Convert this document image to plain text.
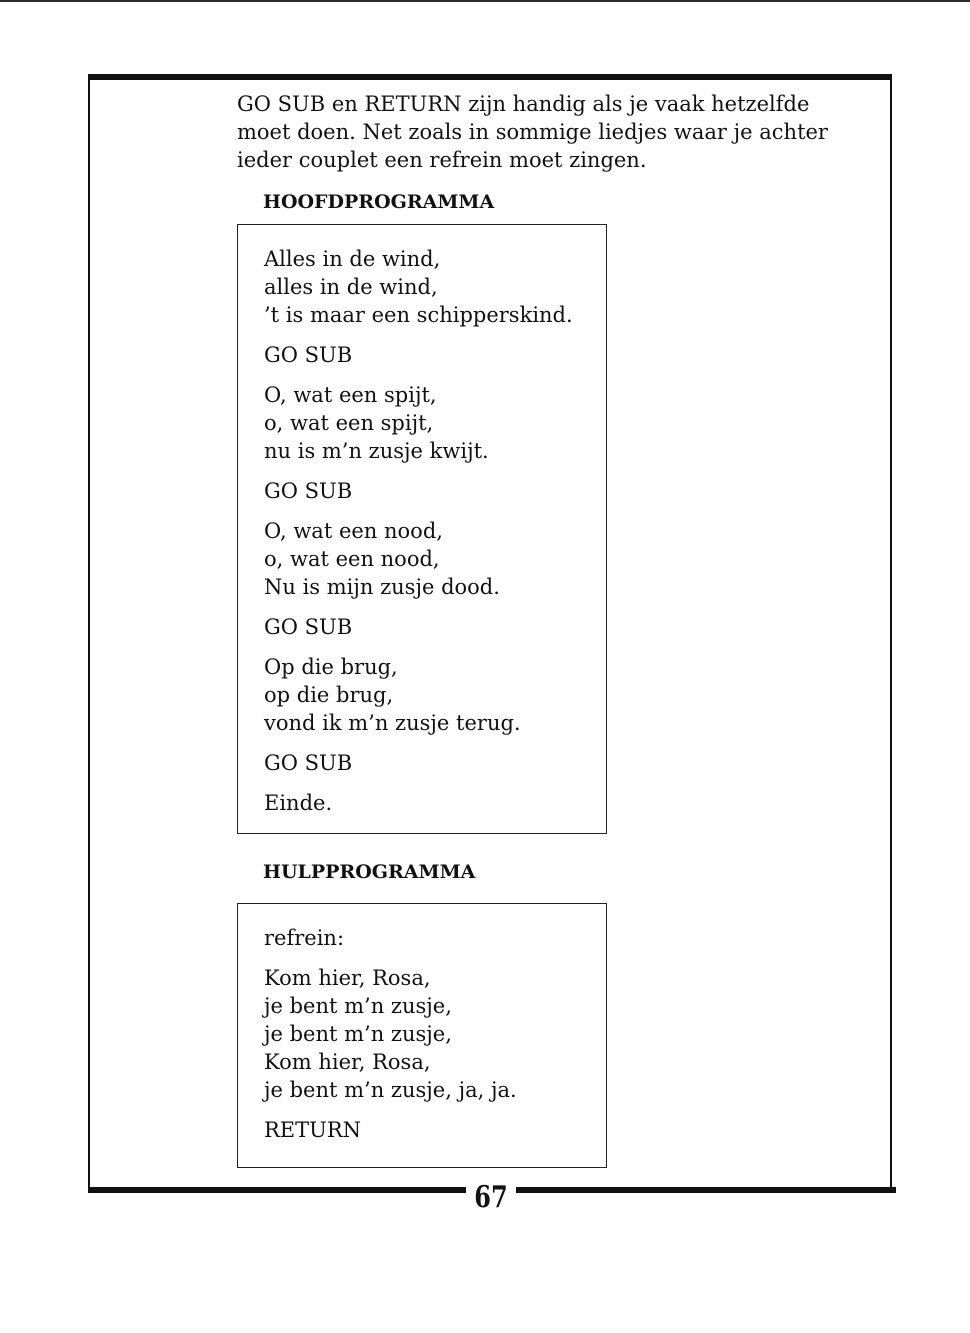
GO SUB en RETURN zijn handig als je vaak hetzelfde
moet doen. Net zoals in sommige liedjes waar je achter
ieder couplet een refrein moet zingen.
HOOFDPROGRAMMA
Alles in de wind,
alles in de wind,
’t is maar een schipperskind.
GO SUB
O, wat een spijt,
o, wat een spijt,
nu is m’n zusje kwijt.
GO SUB
O, wat een nood,
o, wat een nood,
Nu is mijn zusje dood.
GO SUB
Op die brug,
op die brug,
vond ik m’n zusje terug.
GO SUB
Einde.
HULPPROGRAMMA
refrein:
Kom hier, Rosa,
je bent m’n zusje,
je bent m’n zusje,
Kom hier, Rosa,
je bent m’n zusje, ja, ja.
RETURN
67
